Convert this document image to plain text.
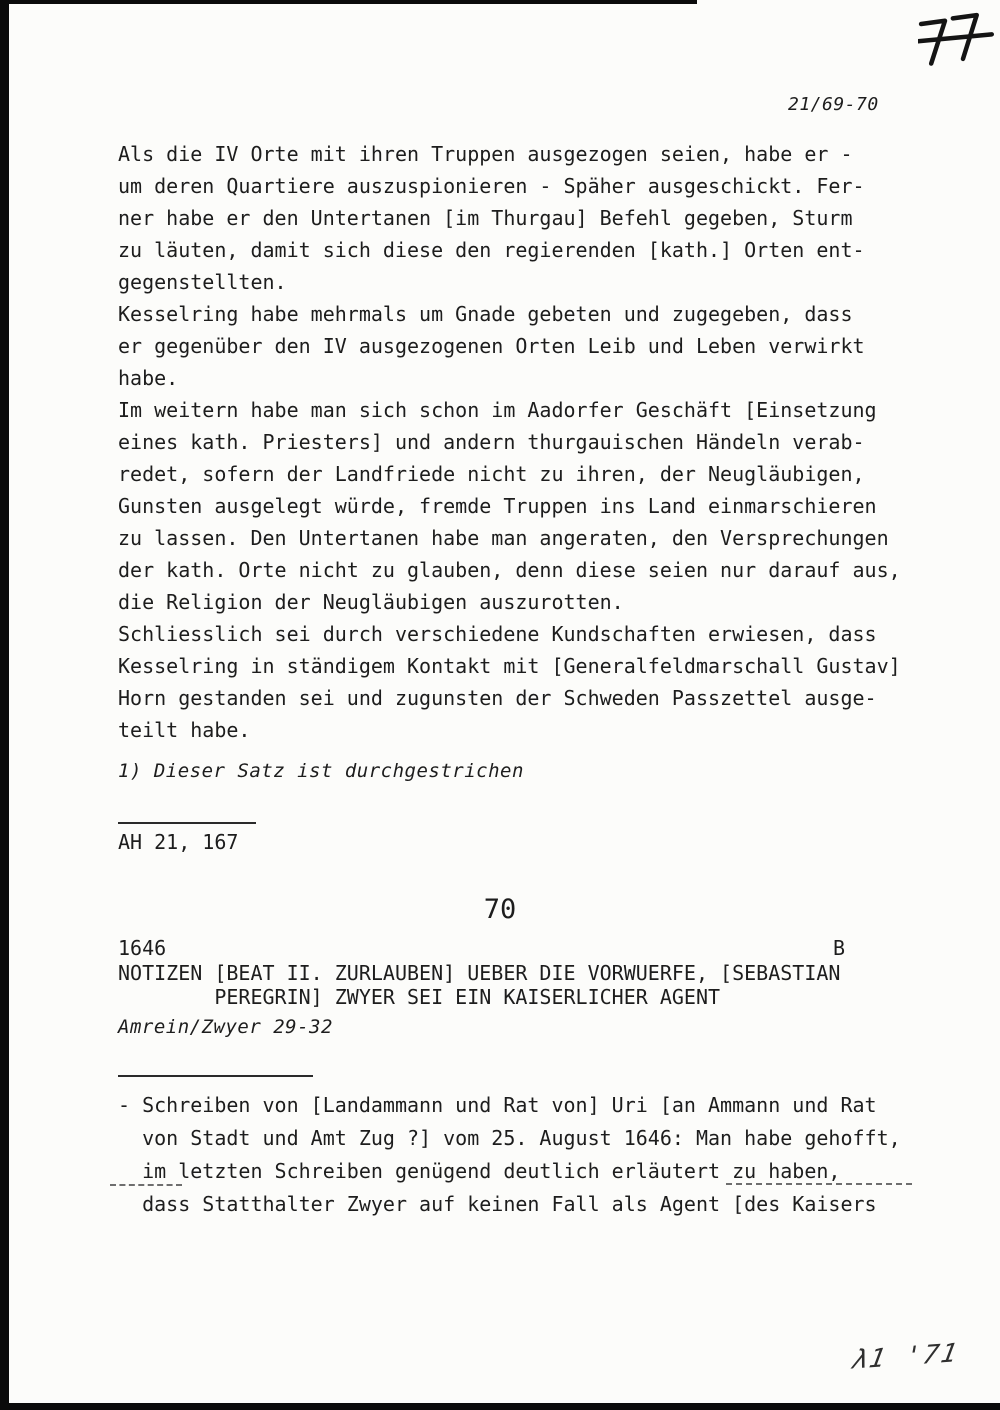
21/69-70
Als die IV Orte mit ihren Truppen ausgezogen seien, habe er -
um deren Quartiere auszuspionieren - Späher ausgeschickt. Fer-
ner habe er den Untertanen [im Thurgau] Befehl gegeben, Sturm
zu läuten, damit sich diese den regierenden [kath.] Orten ent-
gegenstellten.
Kesselring habe mehrmals um Gnade gebeten und zugegeben, dass
er gegenüber den IV ausgezogenen Orten Leib und Leben verwirkt
habe.
Im weitern habe man sich schon im Aadorfer Geschäft [Einsetzung
eines kath. Priesters] und andern thurgauischen Händeln verab-
redet, sofern der Landfriede nicht zu ihren, der Neugläubigen,
Gunsten ausgelegt würde, fremde Truppen ins Land einmarschieren
zu lassen. Den Untertanen habe man angeraten, den Versprechungen
der kath. Orte nicht zu glauben, denn diese seien nur darauf aus,
die Religion der Neugläubigen auszurotten.
Schliesslich sei durch verschiedene Kundschaften erwiesen, dass
Kesselring in ständigem Kontakt mit [Generalfeldmarschall Gustav]
Horn gestanden sei und zugunsten der Schweden Passzettel ausge-
teilt habe.
1) Dieser Satz ist durchgestrichen
AH 21, 167
70
1646	B
NOTIZEN [BEAT II. ZURLAUBEN] UEBER DIE VORWUERFE, [SEBASTIAN
PEREGRIN] ZWYER SEI EIN KAISERLICHER AGENT
Amrein/Zwyer 29-32
- Schreiben von [Landammann und Rat von] Uri [an Ammann und Rat
von Stadt und Amt Zug ?] vom 25. August 1646: Man habe gehofft,
im letzten Schreiben genügend deutlich erläutert zu haben,
dass Statthalter Zwyer auf keinen Fall als Agent [des Kaisers
λ1 '71
